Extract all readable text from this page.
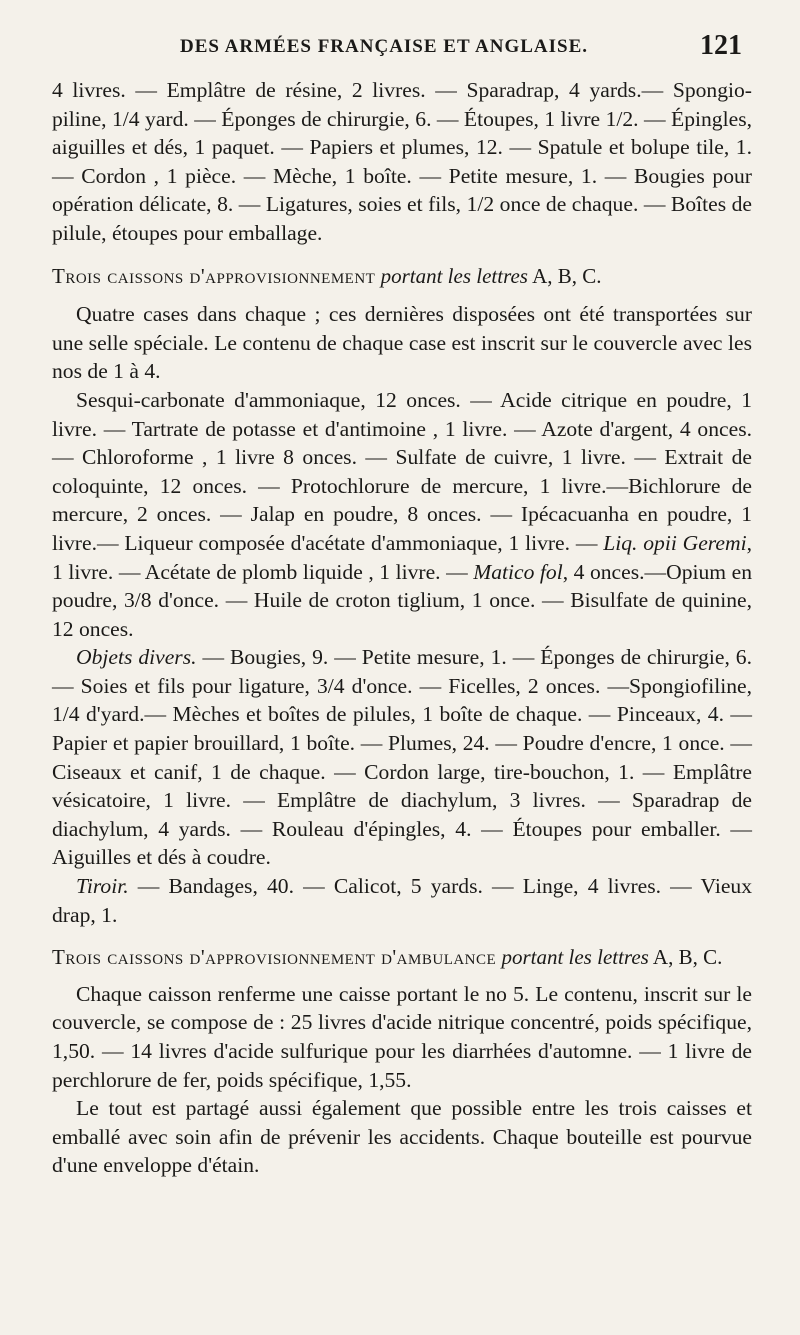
DES ARMÉES FRANÇAISE ET ANGLAISE.	121

4 livres. — Emplâtre de résine, 2 livres. — Sparadrap, 4 yards.— Spongio-piline, 1/4 yard. — Éponges de chirurgie, 6. — Étoupes, 1 livre 1/2. — Épingles, aiguilles et dés, 1 paquet. — Papiers et plumes, 12. — Spatule et bolupe tile, 1. — Cordon , 1 pièce. — Mèche, 1 boîte. — Petite mesure, 1. — Bougies pour opération délicate, 8. — Ligatures, soies et fils, 1/2 once de chaque. — Boîtes de pilule, étoupes pour emballage.

Trois caissons d'approvisionnement portant les lettres A, B, C.

Quatre cases dans chaque ; ces dernières disposées ont été transportées sur une selle spéciale. Le contenu de chaque case est inscrit sur le couvercle avec les nos de 1 à 4.

Sesqui-carbonate d'ammoniaque, 12 onces. — Acide citrique en poudre, 1 livre. — Tartrate de potasse et d'antimoine , 1 livre. — Azote d'argent, 4 onces. — Chloroforme , 1 livre 8 onces. — Sulfate de cuivre, 1 livre. — Extrait de coloquinte, 12 onces. — Protochlorure de mercure, 1 livre.—Bichlorure de mercure, 2 onces. — Jalap en poudre, 8 onces. — Ipécacuanha en poudre, 1 livre.— Liqueur composée d'acétate d'ammoniaque, 1 livre. — Liq. opii Geremi, 1 livre. — Acétate de plomb liquide , 1 livre. — Matico fol, 4 onces.—Opium en poudre, 3/8 d'once. — Huile de croton tiglium, 1 once. — Bisulfate de quinine, 12 onces.

Objets divers. — Bougies, 9. — Petite mesure, 1. — Éponges de chirurgie, 6. — Soies et fils pour ligature, 3/4 d'once. — Ficelles, 2 onces. —Spongiofiline, 1/4 d'yard.— Mèches et boîtes de pilules, 1 boîte de chaque. — Pinceaux, 4. — Papier et papier brouillard, 1 boîte. — Plumes, 24. — Poudre d'encre, 1 once. — Ciseaux et canif, 1 de chaque. — Cordon large, tire-bouchon, 1. — Emplâtre vésicatoire, 1 livre. — Emplâtre de diachylum, 3 livres. — Sparadrap de diachylum, 4 yards. — Rouleau d'épingles, 4. — Étoupes pour emballer. — Aiguilles et dés à coudre.

Tiroir. — Bandages, 40. — Calicot, 5 yards. — Linge, 4 livres. — Vieux drap, 1.

Trois caissons d'approvisionnement d'ambulance portant les lettres A, B, C.

Chaque caisson renferme une caisse portant le no 5. Le contenu, inscrit sur le couvercle, se compose de : 25 livres d'acide nitrique concentré, poids spécifique, 1,50. — 14 livres d'acide sulfurique pour les diarrhées d'automne. — 1 livre de perchlorure de fer, poids spécifique, 1,55.

Le tout est partagé aussi également que possible entre les trois caisses et emballé avec soin afin de prévenir les accidents. Chaque bouteille est pourvue d'une enveloppe d'étain.
